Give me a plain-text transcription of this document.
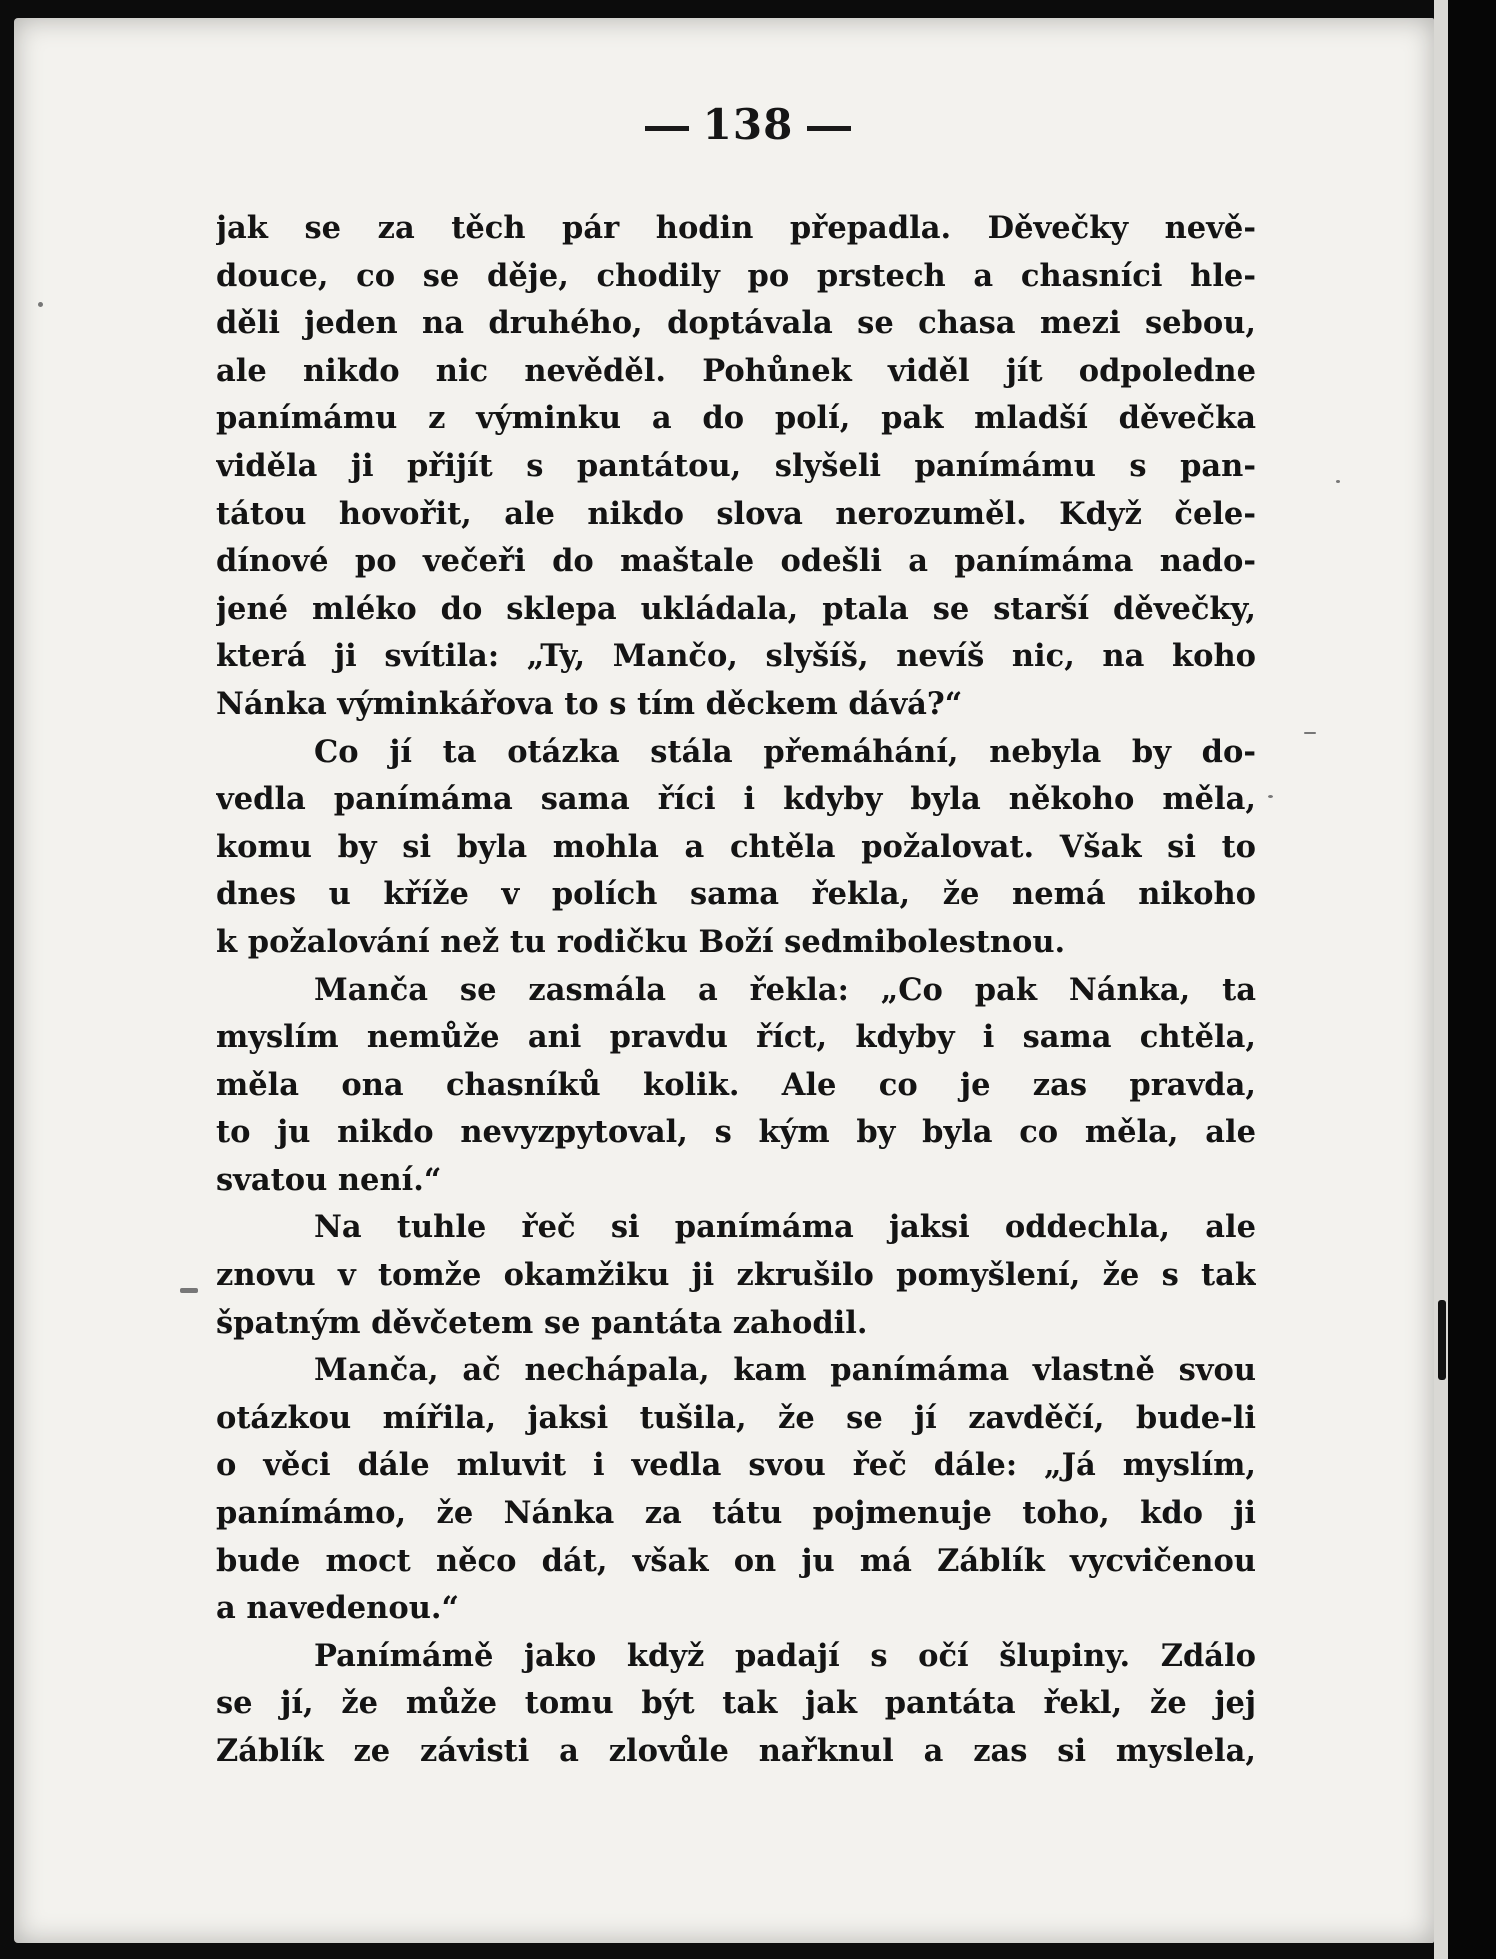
138
jak se za těch pár hodin přepadla. Děvečky nevě-
douce, co se děje, chodily po prstech a chasníci hle-
děli jeden na druhého, doptávala se chasa mezi sebou,
ale nikdo nic nevěděl. Pohůnek viděl jít odpoledne
panímámu z výminku a do polí, pak mladší děvečka
viděla ji přijít s pantátou, slyšeli panímámu s pan-
tátou hovořit, ale nikdo slova nerozuměl. Když čele-
dínové po večeři do maštale odešli a panímáma nado-
jené mléko do sklepa ukládala, ptala se starší děvečky,
která ji svítila: „Ty, Mančo, slyšíš, nevíš nic, na koho
Nánka výminkářova to s tím děckem dává?“
Co jí ta otázka stála přemáhání, nebyla by do-
vedla panímáma sama říci i kdyby byla někoho měla,
komu by si byla mohla a chtěla požalovat. Však si to
dnes u kříže v polích sama řekla, že nemá nikoho
k požalování než tu rodičku Boží sedmibolestnou.
Manča se zasmála a řekla: „Co pak Nánka, ta
myslím nemůže ani pravdu říct, kdyby i sama chtěla,
měla ona chasníků kolik. Ale co je zas pravda,
to ju nikdo nevyzpytoval, s kým by byla co měla, ale
svatou není.“
Na tuhle řeč si panímáma jaksi oddechla, ale
znovu v tomže okamžiku ji zkrušilo pomyšlení, že s tak
špatným děvčetem se pantáta zahodil.
Manča, ač nechápala, kam panímáma vlastně svou
otázkou mířila, jaksi tušila, že se jí zavděčí, bude-li
o věci dále mluvit i vedla svou řeč dále: „Já myslím,
panímámo, že Nánka za tátu pojmenuje toho, kdo ji
bude moct něco dát, však on ju má Záblík vycvičenou
a navedenou.“
Panímámě jako když padají s očí šlupiny. Zdálo
se jí, že může tomu být tak jak pantáta řekl, že jej
Záblík ze závisti a zlovůle nařknul a zas si myslela,
